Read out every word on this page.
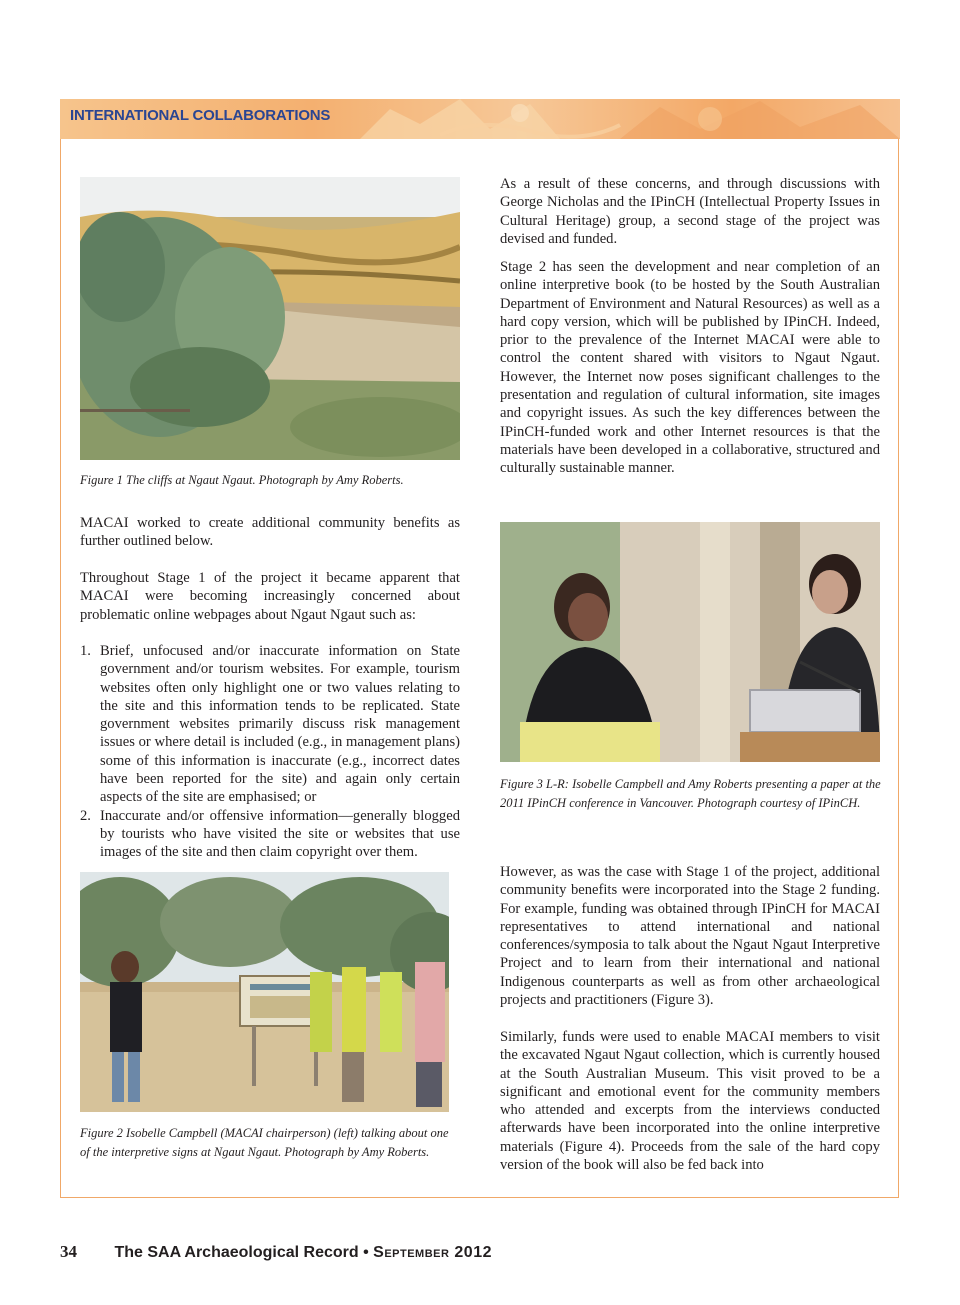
INTERNATIONAL COLLABORATIONS

Figure 1 The cliffs at Ngaut Ngaut. Photograph by Amy Roberts.

MACAI worked to create additional community benefits as further outlined below.

Throughout Stage 1 of the project it became apparent that MACAI were becoming increasingly concerned about problematic online webpages about Ngaut Ngaut such as:

1. Brief, unfocused and/or inaccurate information on State government and/or tourism websites. For example, tourism websites often only highlight one or two values relating to the site and this information tends to be replicated. State government websites primarily discuss risk management issues or where detail is included (e.g., in management plans) some of this information is inaccurate (e.g., incorrect dates have been reported for the site) and again only certain aspects of the site are emphasised; or
2. Inaccurate and/or offensive information—generally blogged by tourists who have visited the site or websites that use images of the site and then claim copyright over them.

Figure 2 Isobelle Campbell (MACAI chairperson) (left) talking about one of the interpretive signs at Ngaut Ngaut. Photograph by Amy Roberts.

As a result of these concerns, and through discussions with George Nicholas and the IPinCH (Intellectual Property Issues in Cultural Heritage) group, a second stage of the project was devised and funded.

Stage 2 has seen the development and near completion of an online interpretive book (to be hosted by the South Australian Department of Environment and Natural Resources) as well as a hard copy version, which will be published by IPinCH. Indeed, prior to the prevalence of the Internet MACAI were able to control the content shared with visitors to Ngaut Ngaut. However, the Internet now poses significant challenges to the presentation and regulation of cultural information, site images and copyright issues. As such the key differences between the IPinCH-funded work and other Internet resources is that the materials have been developed in a collaborative, structured and culturally sustainable manner.

Figure 3 L-R: Isobelle Campbell and Amy Roberts presenting a paper at the 2011 IPinCH conference in Vancouver. Photograph courtesy of IPinCH.

However, as was the case with Stage 1 of the project, additional community benefits were incorporated into the Stage 2 funding. For example, funding was obtained through IPinCH for MACAI representatives to attend international and national conferences/symposia to talk about the Ngaut Ngaut Interpretive Project and to learn from their international and national Indigenous counterparts as well as from other archaeological projects and practitioners (Figure 3).

Similarly, funds were used to enable MACAI members to visit the excavated Ngaut Ngaut collection, which is currently housed at the South Australian Museum. This visit proved to be a significant and emotional event for the community members who attended and excerpts from the interviews conducted afterwards have been incorporated into the online interpretive materials (Figure 4). Proceeds from the sale of the hard copy version of the book will also be fed back into

34 The SAA Archaeological Record • September 2012
